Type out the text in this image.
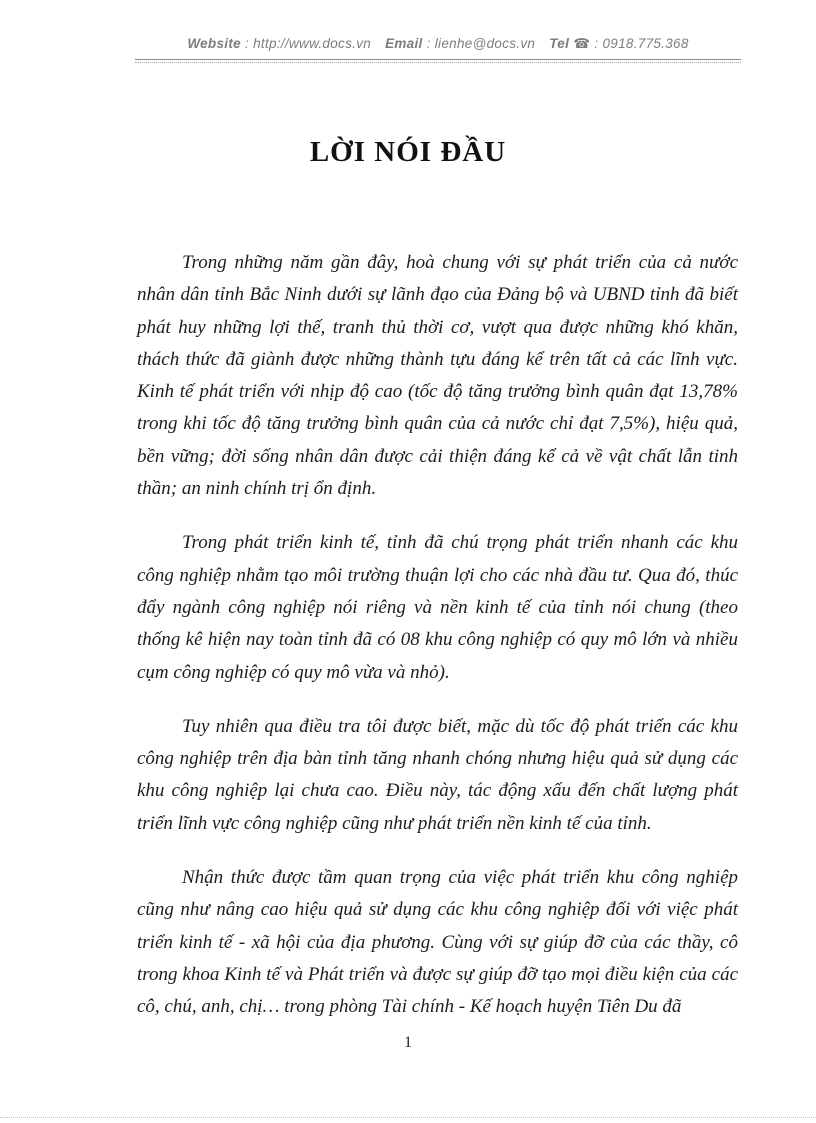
Website : http://www.docs.vn Email : lienhe@docs.vn Tel ☎ : 0918.775.368
LỜI NÓI ĐẦU

Trong những năm gần đây, hoà chung với sự phát triển của cả nước nhân dân tỉnh Bắc Ninh dưới sự lãnh đạo của Đảng bộ và UBND tỉnh đã biết phát huy những lợi thế, tranh thủ thời cơ, vượt qua được những khó khăn, thách thức đã giành được những thành tựu đáng kể trên tất cả các lĩnh vực. Kinh tế phát triển với nhịp độ cao (tốc độ tăng trưởng bình quân đạt 13,78% trong khi tốc độ tăng trưởng bình quân của cả nước chỉ đạt 7,5%), hiệu quả, bền vững; đời sống nhân dân được cải thiện đáng kể cả về vật chất lẫn tinh thần; an ninh chính trị ổn định.

Trong phát triển kinh tế, tỉnh đã chú trọng phát triển nhanh các khu công nghiệp nhằm tạo môi trường thuận lợi cho các nhà đầu tư. Qua đó, thúc đẩy ngành công nghiệp nói riêng và nền kinh tế của tỉnh nói chung (theo thống kê hiện nay toàn tỉnh đã có 08 khu công nghiệp có quy mô lớn và nhiều cụm công nghiệp có quy mô vừa và nhỏ).

Tuy nhiên qua điều tra tôi được biết, mặc dù tốc độ phát triển các khu công nghiệp trên địa bàn tỉnh tăng nhanh chóng nhưng hiệu quả sử dụng các khu công nghiệp lại chưa cao. Điều này, tác động xấu đến chất lượng phát triển lĩnh vực công nghiệp cũng như phát triển nền kinh tế của tỉnh.

Nhận thức được tầm quan trọng của việc phát triển khu công nghiệp cũng như nâng cao hiệu quả sử dụng các khu công nghiệp đối với việc phát triển kinh tế - xã hội của địa phương. Cùng với sự giúp đỡ của các thầy, cô trong khoa Kinh tế và Phát triển và được sự giúp đỡ tạo mọi điều kiện của các cô, chú, anh, chị… trong phòng Tài chính - Kế hoạch huyện Tiên Du đã

1
